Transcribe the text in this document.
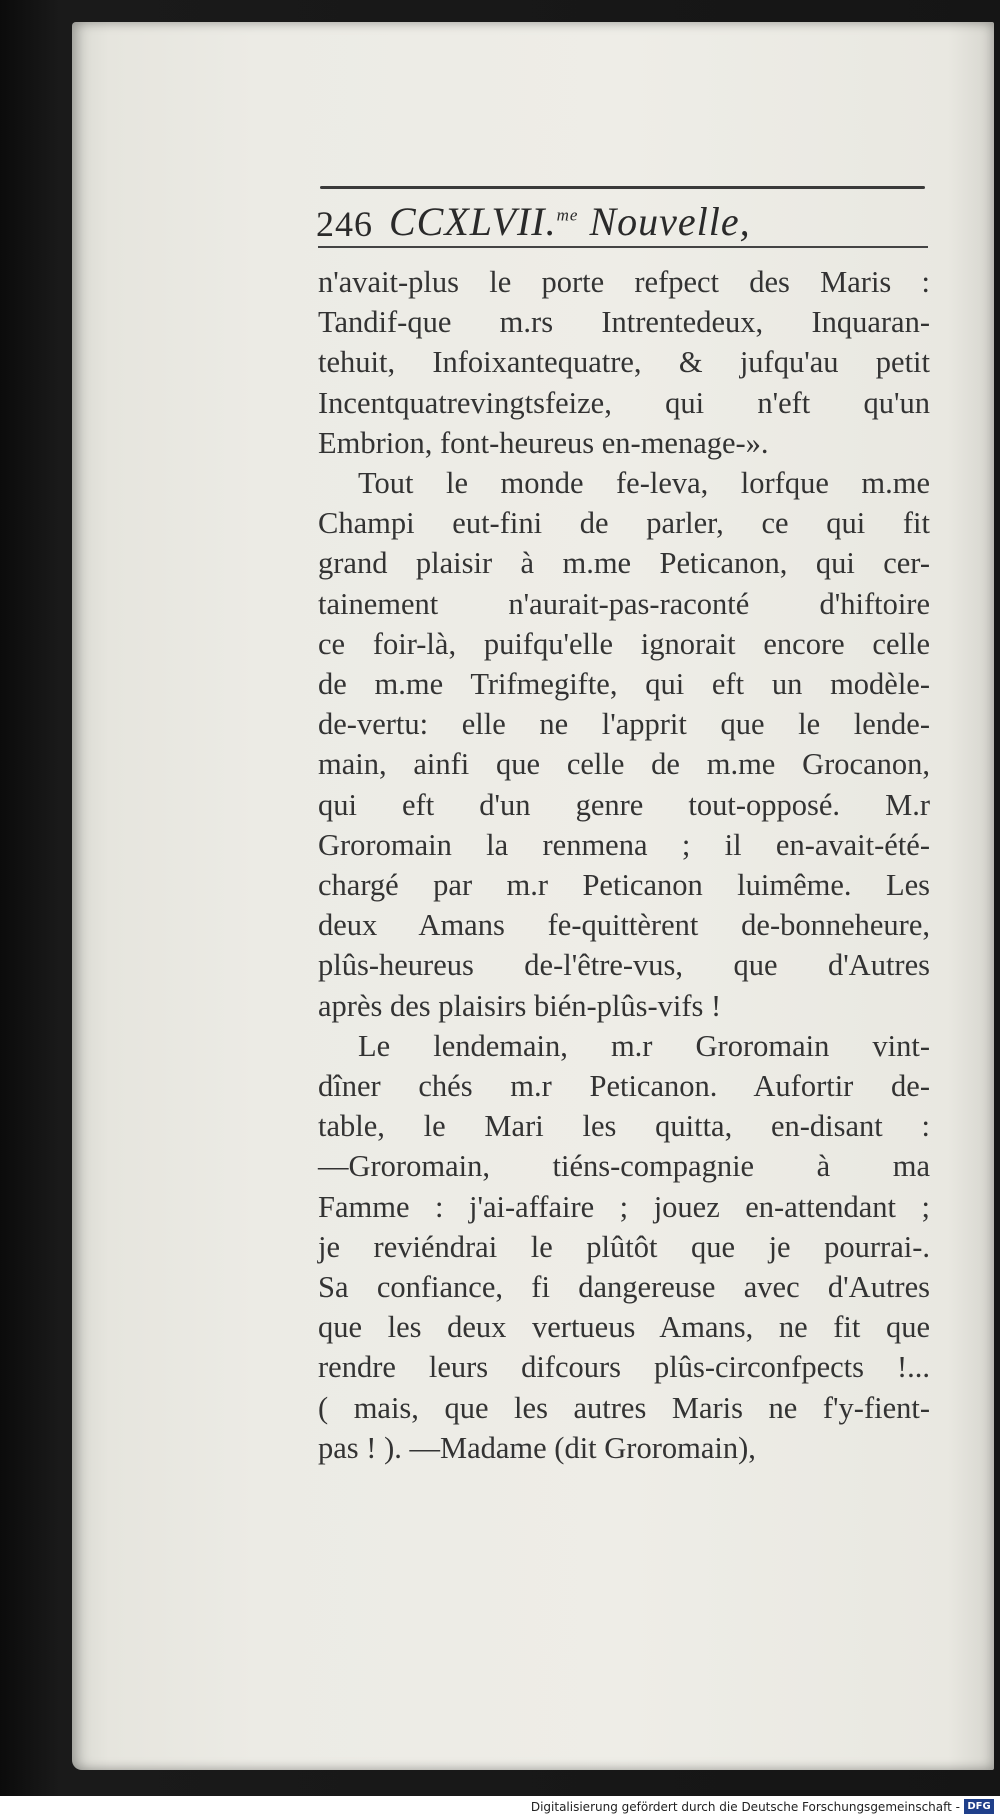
246 CCXLVII.$^{me}$ Nouvelle,
n'avait-plus le porte refpect des Maris :
Tandif-que m.rs Intrentedeux, Inquaran-
tehuit, Infoixantequatre, & jufqu'au petit
Incentquatrevingtsfeize, qui n'eft qu'un
Embrion, font-heureus en-menage-».
Tout le monde fe-leva, lorfque m.me
Champi eut-fini de parler, ce qui fit
grand plaisir à m.me Peticanon, qui cer-
tainement n'aurait-pas-raconté d'hiftoire
ce foir-là, puifqu'elle ignorait encore celle
de m.me Trifmegifte, qui eft un modèle-
de-vertu: elle ne l'apprit que le lende-
main, ainfi que celle de m.me Grocanon,
qui eft d'un genre tout-opposé. M.r
Groromain la renmena ; il en-avait-été-
chargé par m.r Peticanon luimême. Les
deux Amans fe-quittèrent de-bonneheure,
plûs-heureus de-l'être-vus, que d'Autres
après des plaisirs bién-plûs-vifs !
Le lendemain, m.r Groromain vint-
dîner chés m.r Peticanon. Aufortir de-
table, le Mari les quitta, en-disant :
—Groromain, tiéns-compagnie à ma
Famme : j'ai-affaire ; jouez en-attendant ;
je reviéndrai le plûtôt que je pourrai-.
Sa confiance, fi dangereuse avec d'Autres
que les deux vertueus Amans, ne fit que
rendre leurs difcours plûs-circonfpects !...
( mais, que les autres Maris ne f'y-fient-
pas ! ). —Madame (dit Groromain),
Digitalisierung gefördert durch die Deutsche Forschungsgemeinschaft - DFG
